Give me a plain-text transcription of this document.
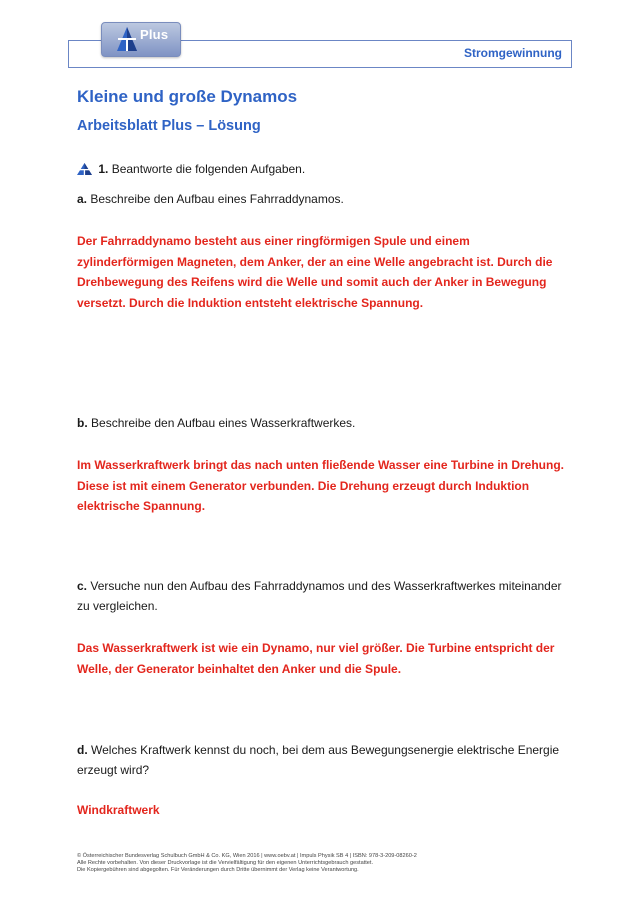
Plus
Stromgewinnung
Kleine und große Dynamos
Arbeitsblatt Plus – Lösung
1. Beantworte die folgenden Aufgaben.
a. Beschreibe den Aufbau eines Fahrraddynamos.
Der Fahrraddynamo besteht aus einer ringförmigen Spule und einem zylinderförmigen Magneten, dem Anker, der an eine Welle angebracht ist. Durch die Drehbewegung des Reifens wird die Welle und somit auch der Anker in Bewegung versetzt. Durch die Induktion entsteht elektrische Spannung.
b. Beschreibe den Aufbau eines Wasserkraftwerkes.
Im Wasserkraftwerk bringt das nach unten fließende Wasser eine Turbine in Drehung. Diese ist mit einem Generator verbunden. Die Drehung erzeugt durch Induktion elektrische Spannung.
c. Versuche nun den Aufbau des Fahrraddynamos und des Wasserkraftwerkes miteinander zu vergleichen.
Das Wasserkraftwerk ist wie ein Dynamo, nur viel größer. Die Turbine entspricht der Welle, der Generator beinhaltet den Anker und die Spule.
d. Welches Kraftwerk kennst du noch, bei dem aus Bewegungsenergie elektrische Energie erzeugt wird?
Windkraftwerk
© Österreichischer Bundesverlag Schulbuch GmbH & Co. KG, Wien 2016 | www.oebv.at | Impuls Physik SB 4 | ISBN: 978-3-209-08260-2
Alle Rechte vorbehalten. Von dieser Druckvorlage ist die Vervielfältigung für den eigenen Unterrichtsgebrauch gestattet.
Die Kopiergebühren sind abgegolten. Für Veränderungen durch Dritte übernimmt der Verlag keine Verantwortung.
